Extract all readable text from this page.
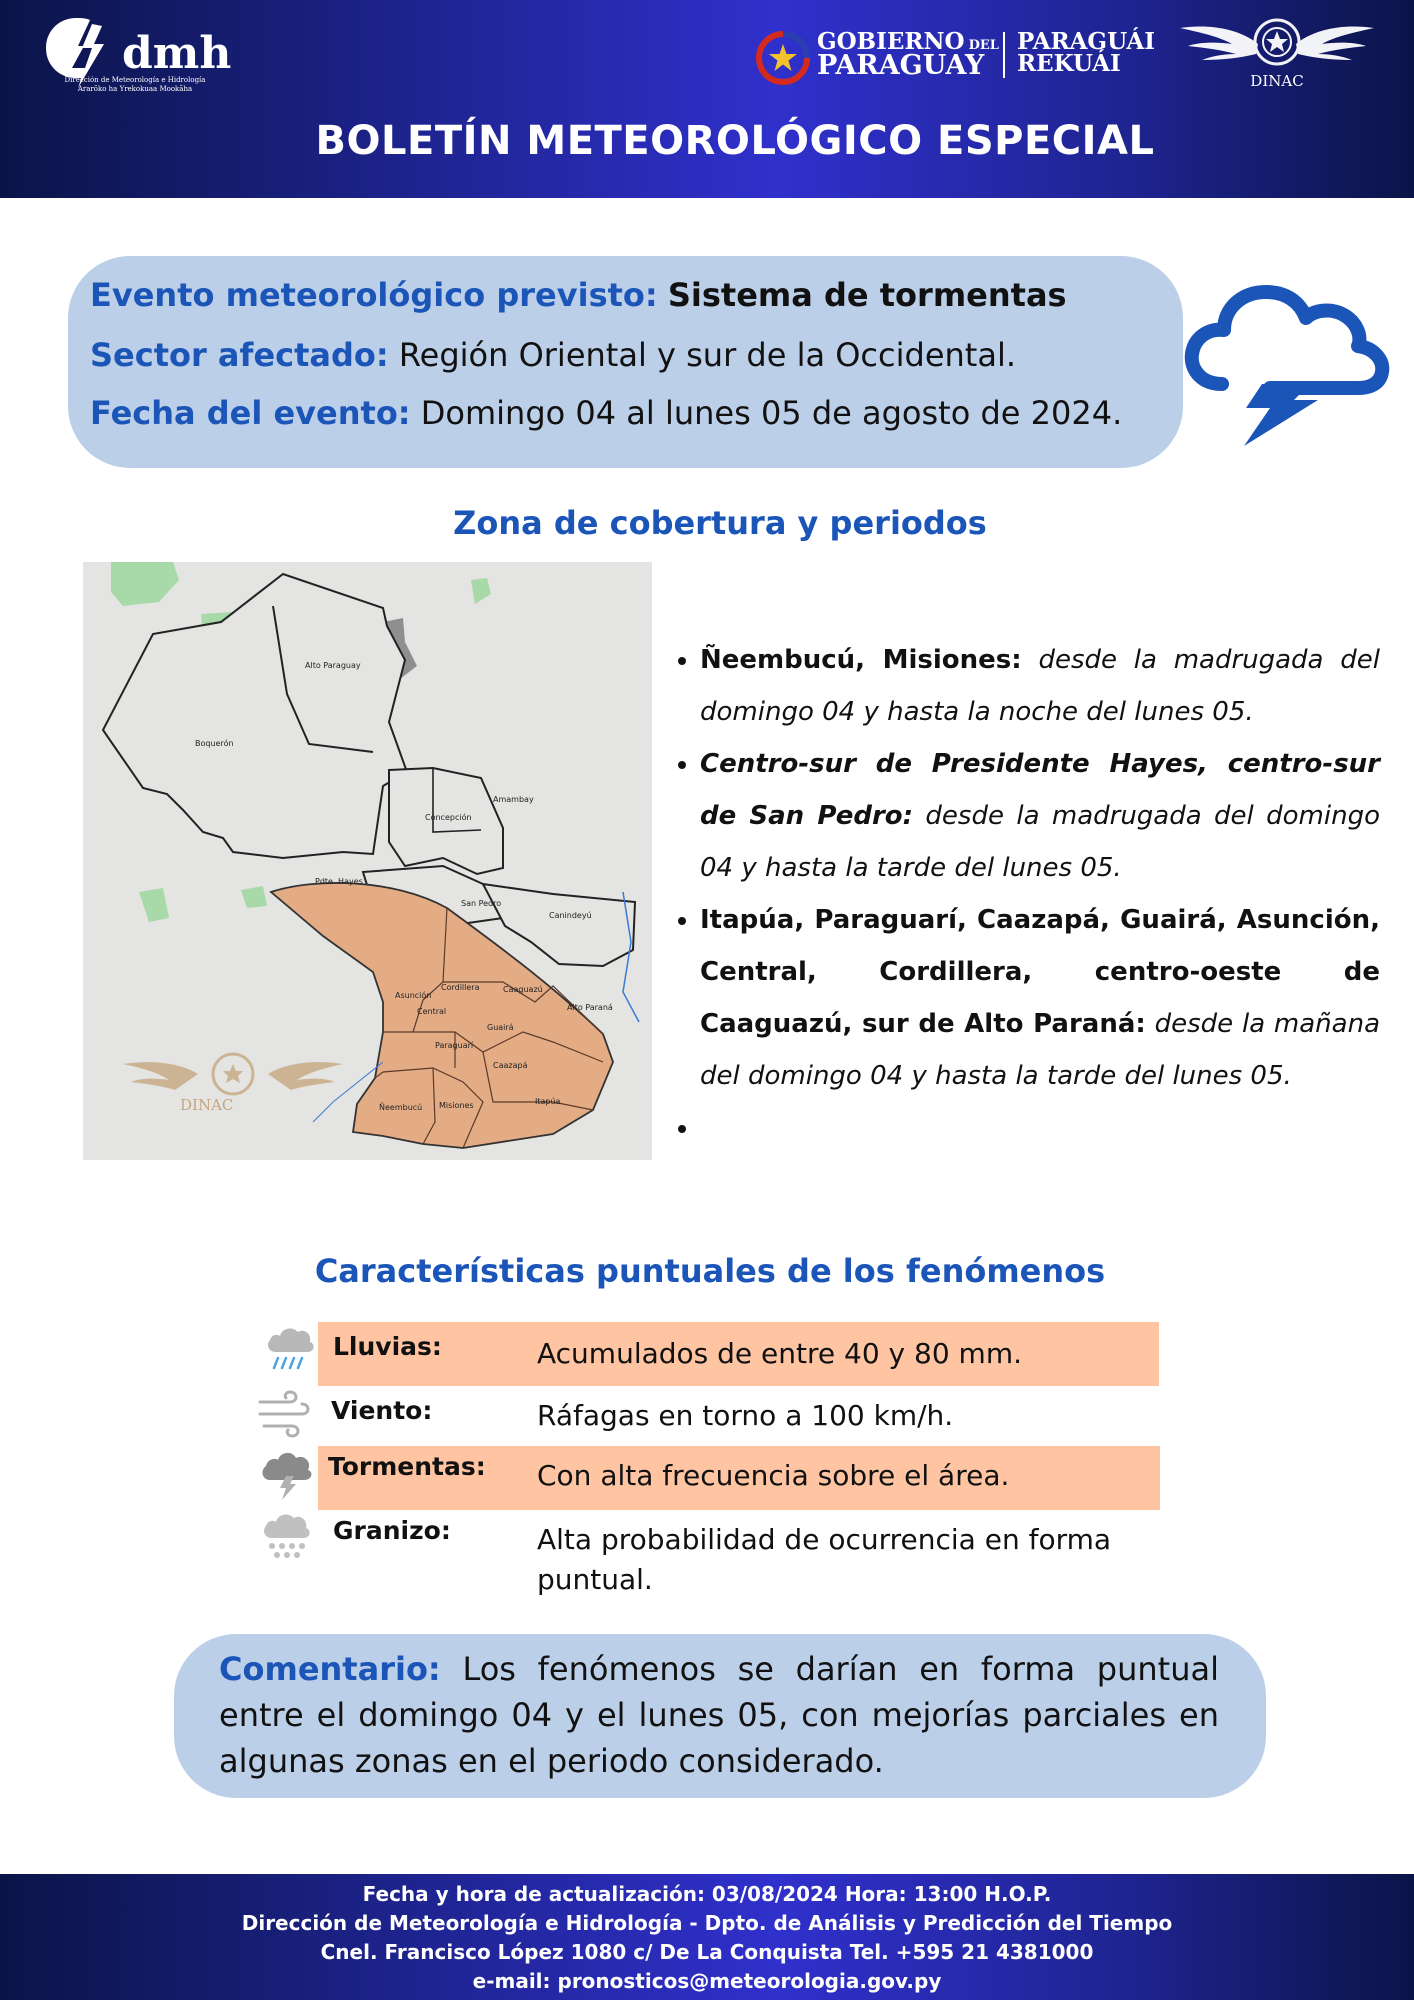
dmh
Dirección de Meteorología e Hidrología
Ararõko ha Yrekokuaa Mookãha
GOBIERNO DEL
PARAGUAY
PARAGUÁI
REKUÁI
DINAC
BOLETÍN METEOROLÓGICO ESPECIAL
Evento meteorológico previsto: Sistema de tormentas
Sector afectado: Región Oriental y sur de la Occidental.
Fecha del evento: Domingo 04 al lunes 05 de agosto de 2024.
Zona de cobertura y periodos
Alto Paraguay
Boquerón
Concepción
Amambay
Pdte. Hayes
San Pedro
Canindeyú
Cordillera	Caaguazú
Asunción
Central	Alto Paraná
Guairá
Paraguarí
Caazapá
Ñeembucú Misiones	Itapúa
DINAC
• Ñeembucú, Misiones: desde la madrugada del domingo 04 y hasta la noche del lunes 05.
• Centro-sur de Presidente Hayes, centro-sur de San Pedro: desde la madrugada del domingo 04 y hasta la tarde del lunes 05.
• Itapúa, Paraguarí, Caazapá, Guairá, Asunción, Central, Cordillera, centro-oeste de Caaguazú, sur de Alto Paraná: desde la mañana del domingo 04 y hasta la tarde del lunes 05.
•
Características puntuales de los fenómenos
Lluvias:	Acumulados de entre 40 y 80 mm.
Viento:	Ráfagas en torno a 100 km/h.
Tormentas: Con alta frecuencia sobre el área.
Granizo:	Alta probabilidad de ocurrencia en forma puntual.
Comentario: Los fenómenos se darían en forma puntual entre el domingo 04 y el lunes 05, con mejorías parciales en algunas zonas en el periodo considerado.
Fecha y hora de actualización: 03/08/2024 Hora: 13:00 H.O.P.
Dirección de Meteorología e Hidrología - Dpto. de Análisis y Predicción del Tiempo
Cnel. Francisco López 1080 c/ De La Conquista Tel. +595 21 4381000
e-mail: pronosticos@meteorologia.gov.py
